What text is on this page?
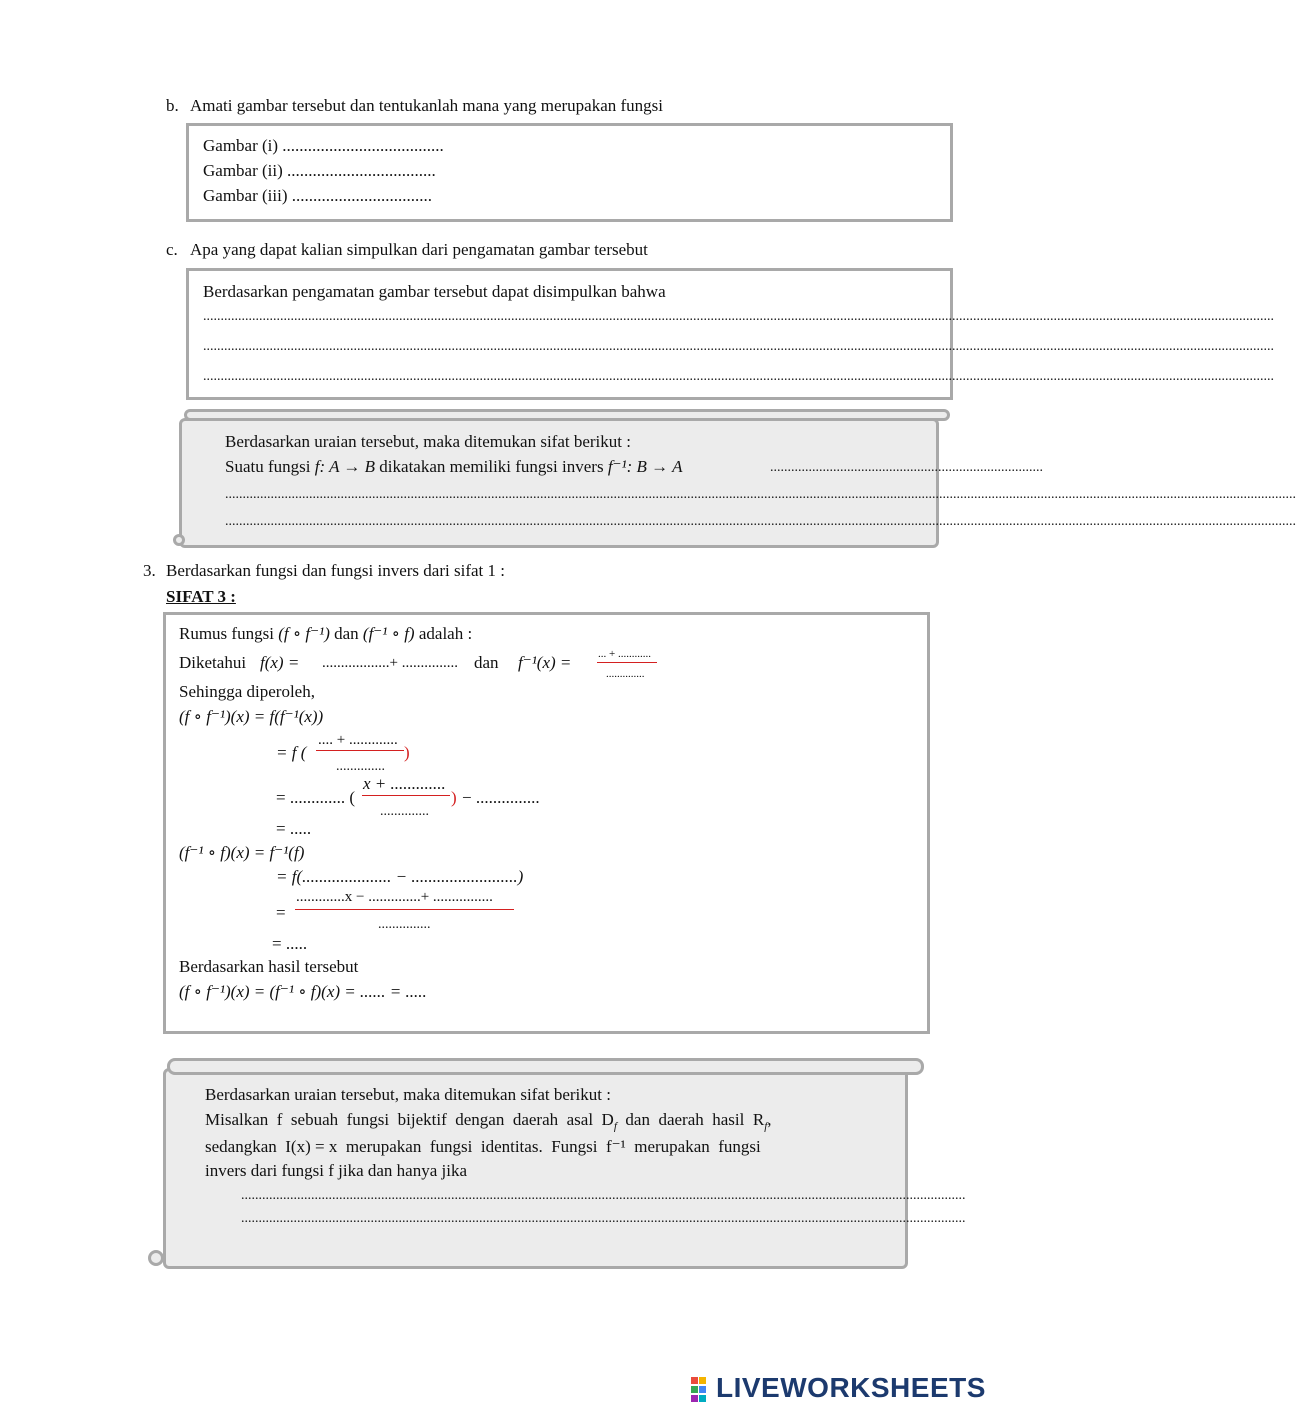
b. Amati gambar tersebut dan tentukanlah mana yang merupakan fungsi
Gambar (i) ......................................
Gambar (ii) ...................................
Gambar (iii) .................................
c. Apa yang dapat kalian simpulkan dari pengamatan gambar tersebut
Berdasarkan pengamatan gambar tersebut dapat disimpulkan bahwa
..................................................................................................................................................................................................................................................................................................................
..................................................................................................................................................................................................................................................................................................................
..................................................................................................................................................................................................................................................................................................................
Berdasarkan uraian tersebut, maka ditemukan sifat berikut :
Suatu fungsi f: A → B dikatakan memiliki fungsi invers f⁻¹: B → A	..............................................................................
..................................................................................................................................................................................................................................................................................................................
..................................................................................................................................................................................................................................................................................................................
3. Berdasarkan fungsi dan fungsi invers dari sifat 1 :
SIFAT 3 :
Rumus fungsi (f ∘ f⁻¹) dan (f⁻¹ ∘ f) adalah :
Diketahui f(x) = ..................+ ............... dan f⁻¹(x) = ... + ............
..............
Sehingga diperoleh,
(f ∘ f⁻¹)(x) = f(f⁻¹(x))
= f (
.... + .............
)
..............
= ............. (
x + .............
) − ...............
..............
= .....
(f⁻¹ ∘ f)(x) = f⁻¹(f)
= f(..................... − .........................)
=
.............x − ..............+ ................
...............
= .....
Berdasarkan hasil tersebut
(f ∘ f⁻¹)(x) = (f⁻¹ ∘ f)(x) = ...... = .....
Berdasarkan uraian tersebut, maka ditemukan sifat berikut :
Misalkan  f  sebuah  fungsi  bijektif  dengan  daerah  asal  $D_f$  dan  daerah  hasil  $R_f$,
sedangkan  I(x) = x  merupakan  fungsi  identitas.  Fungsi  f⁻¹  merupakan  fungsi
invers dari fungsi f jika dan hanya jika
...............................................................................................................................................................................................................
...............................................................................................................................................................................................................
LIVEWORKSHEETS
